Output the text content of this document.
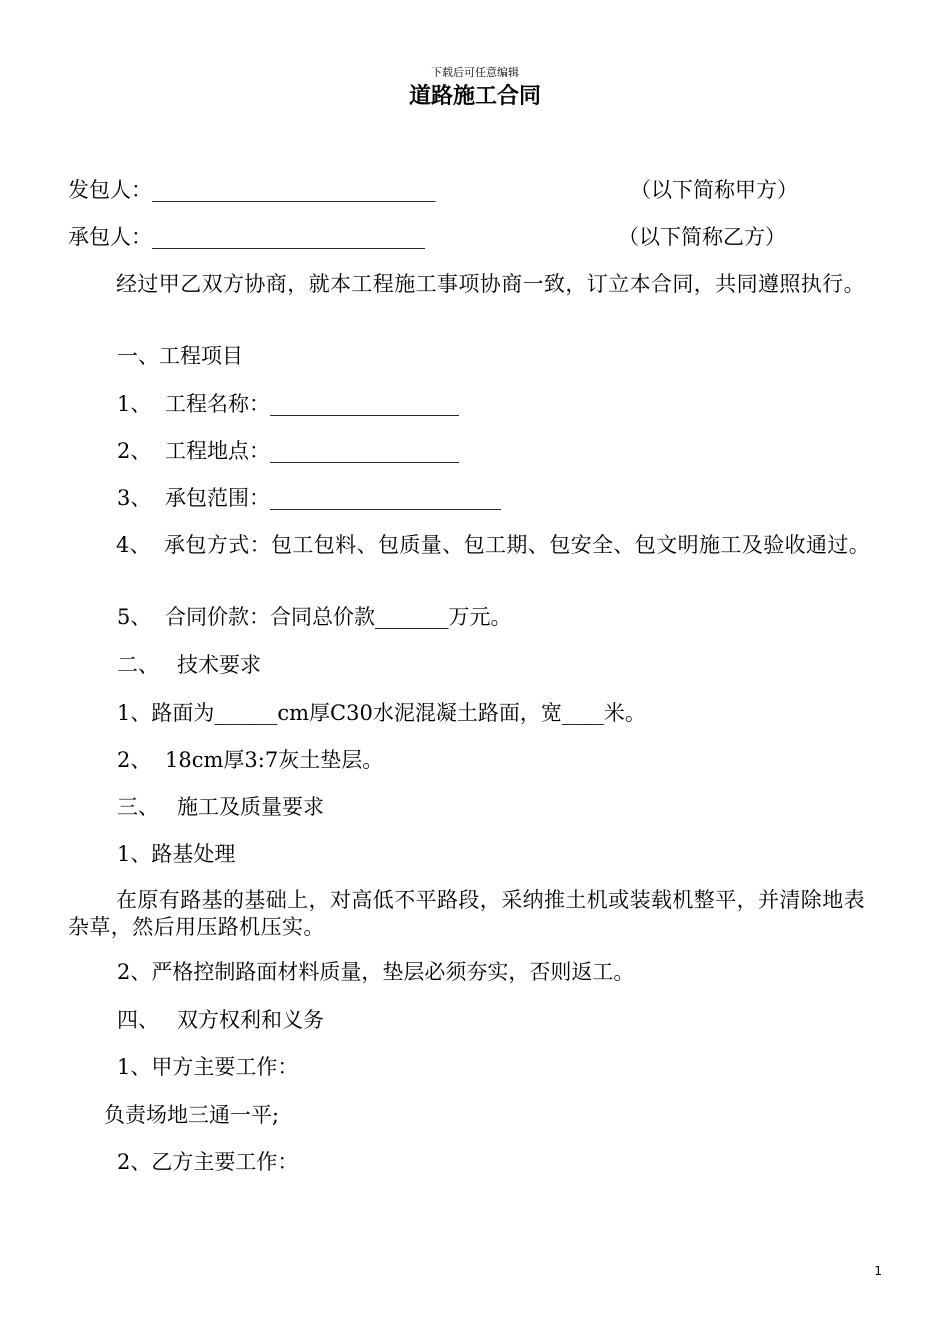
下载后可任意编辑
道路施工合同
发包人：___________________________	（以下简称甲方）
承包人：__________________________	（以下简称乙方）
经过甲乙双方协商，就本工程施工事项协商一致，订立本合同，共同遵照执行。
一、工程项目
1、 工程名称：__________________
2、 工程地点：__________________
3、 承包范围：______________________
4、 承包方式：包工包料、包质量、包工期、包安全、包文明施工及验收通过。
5、 合同价款：合同总价款_______万元。
二、 技术要求
1、路面为______cm厚C30水泥混凝土路面，宽____米。
2、 18cm厚3:7灰土垫层。
三、 施工及质量要求
1、路基处理
在原有路基的基础上，对高低不平路段，采纳推土机或装载机整平，并清除地表杂草，然后用压路机压实。
2、严格控制路面材料质量，垫层必须夯实，否则返工。
四、 双方权利和义务
1、甲方主要工作：
负责场地三通一平;
2、乙方主要工作：
1
